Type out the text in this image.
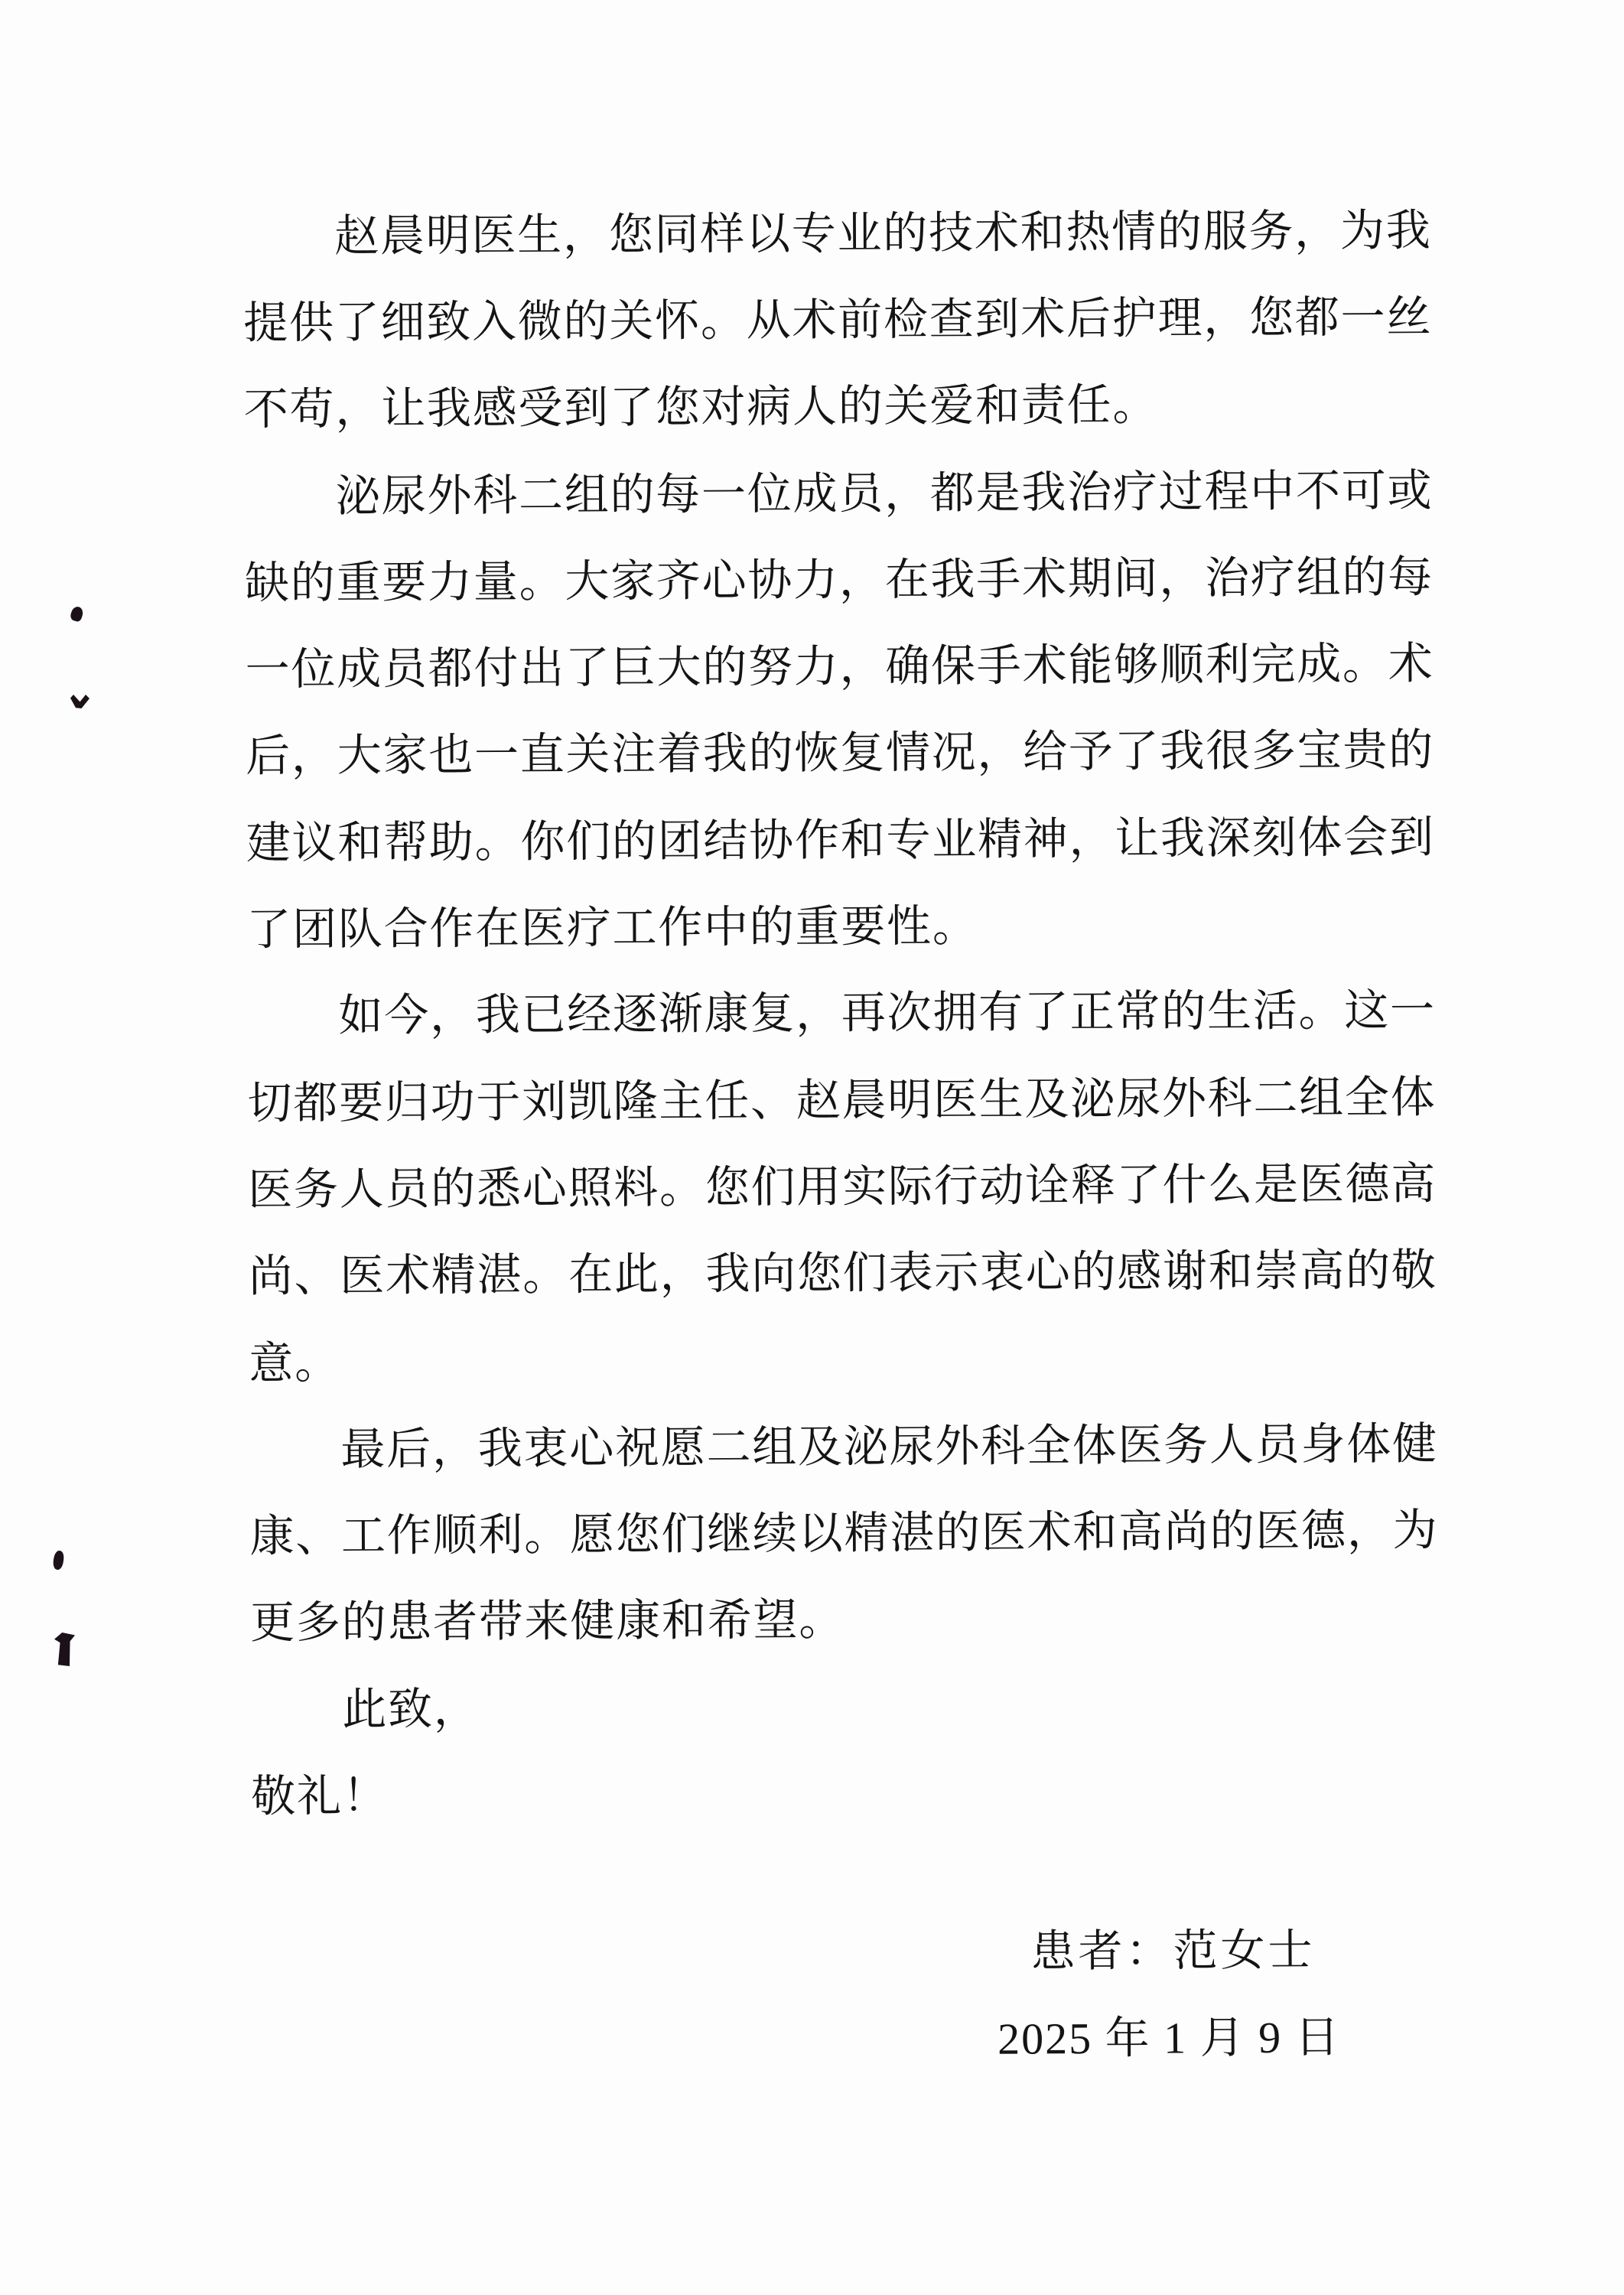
赵 晨 明 医 生 ， 您 同 样 以 专 业 的 技 术 和 热 情 的 服 务 ， 为 我
提 供 了 细 致 入 微 的 关 怀 。 从 术 前 检 查 到 术 后 护 理 ， 您 都 一 丝
不 苟 ， 让 我 感 受 到 了 您 对 病 人 的 关 爱 和 责 任 。
泌 尿 外 科 二 组 的 每 一 位 成 员 ， 都 是 我 治 疗 过 程 中 不 可 或
缺 的 重 要 力 量 。 大 家 齐 心 协 力 ， 在 我 手 术 期 间 ， 治 疗 组 的 每
一 位 成 员 都 付 出 了 巨 大 的 努 力 ， 确 保 手 术 能 够 顺 利 完 成 。 术
后 ， 大 家 也 一 直 关 注 着 我 的 恢 复 情 况 ， 给 予 了 我 很 多 宝 贵 的
建 议 和 帮 助 。 你 们 的 团 结 协 作 和 专 业 精 神 ， 让 我 深 刻 体 会 到
了 团 队 合 作 在 医 疗 工 作 中 的 重 要 性 。
如 今 ， 我 已 经 逐 渐 康 复 ， 再 次 拥 有 了 正 常 的 生 活 。 这 一
切 都 要 归 功 于 刘 凯 隆 主 任 、 赵 晨 明 医 生 及 泌 尿 外 科 二 组 全 体
医 务 人 员 的 悉 心 照 料 。 您 们 用 实 际 行 动 诠 释 了 什 么 是 医 德 高
尚 、 医 术 精 湛 。 在 此 ， 我 向 您 们 表 示 衷 心 的 感 谢 和 崇 高 的 敬
意 。
最 后 ， 我 衷 心 祝 愿 二 组 及 泌 尿 外 科 全 体 医 务 人 员 身 体 健
康 、 工 作 顺 利 。 愿 您 们 继 续 以 精 湛 的 医 术 和 高 尚 的 医 德 ， 为
更 多 的 患 者 带 来 健 康 和 希 望 。
此 致 ，
敬 礼 ！
患者：范女士
2025 年 1 月 9 日
